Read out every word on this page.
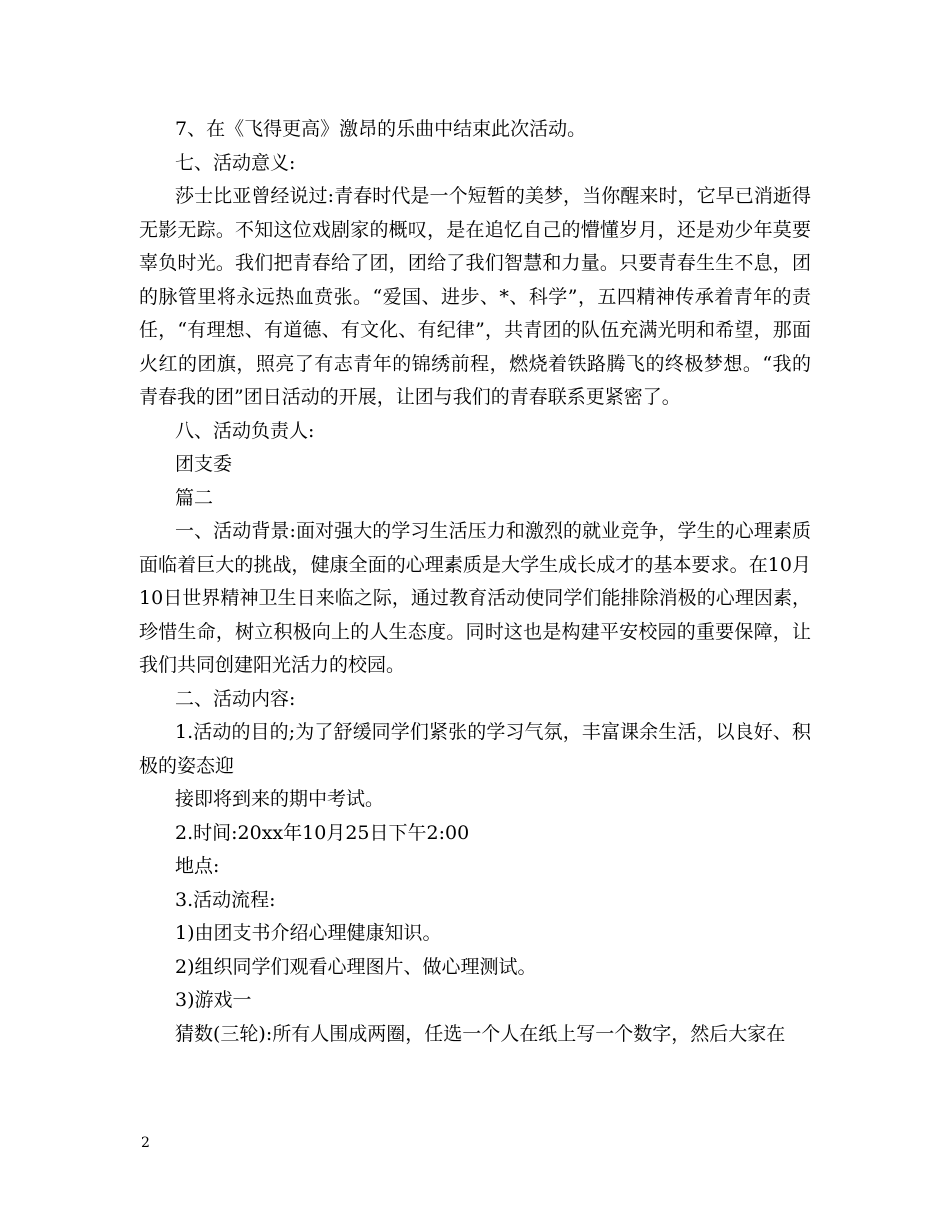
7、在《飞得更高》激昂的乐曲中结束此次活动。

七、活动意义:

莎士比亚曾经说过:青春时代是一个短暂的美梦，当你醒来时，它早已消逝得无影无踪。不知这位戏剧家的概叹，是在追忆自己的懵懂岁月，还是劝少年莫要辜负时光。我们把青春给了团，团给了我们智慧和力量。只要青春生生不息，团的脉管里将永远热血贲张。“爱国、进步、*、科学”，五四精神传承着青年的责任，“有理想、有道德、有文化、有纪律”，共青团的队伍充满光明和希望，那面火红的团旗，照亮了有志青年的锦绣前程，燃烧着铁路腾飞的终极梦想。“我的青春我的团”团日活动的开展，让团与我们的青春联系更紧密了。

八、活动负责人:

团支委

篇二

一、活动背景:面对强大的学习生活压力和激烈的就业竞争，学生的心理素质面临着巨大的挑战，健康全面的心理素质是大学生成长成才的基本要求。在10月10日世界精神卫生日来临之际，通过教育活动使同学们能排除消极的心理因素，珍惜生命，树立积极向上的人生态度。同时这也是构建平安校园的重要保障，让我们共同创建阳光活力的校园。

二、活动内容:

1.活动的目的;为了舒缓同学们紧张的学习气氛，丰富课余生活，以良好、积极的姿态迎

接即将到来的期中考试。

2.时间:20xx年10月25日下午2:00

地点:

3.活动流程:

1)由团支书介绍心理健康知识。

2)组织同学们观看心理图片、做心理测试。

3)游戏一

猜数(三轮):所有人围成两圈，任选一个人在纸上写一个数字，然后大家在

2
